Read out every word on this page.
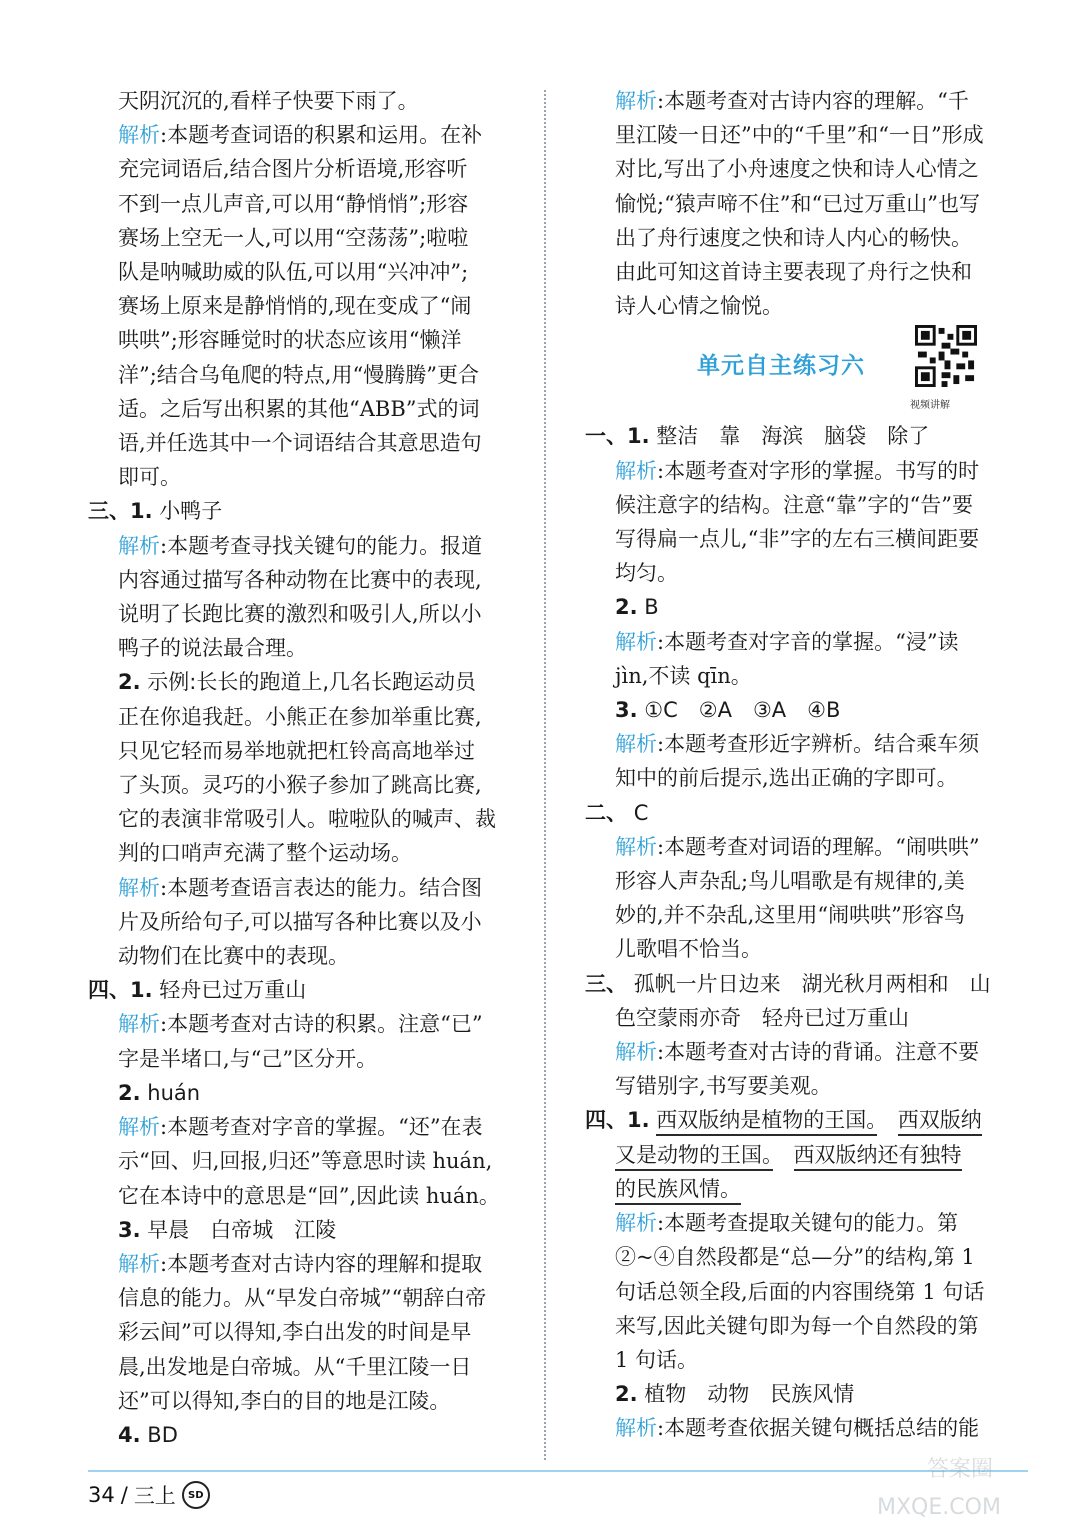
天阴沉沉的,看样子快要下雨了。

解析:本题考查词语的积累和运用。在补

充完词语后,结合图片分析语境,形容听

不到一点儿声音,可以用“静悄悄”;形容

赛场上空无一人,可以用“空荡荡”;啦啦

队是呐喊助威的队伍,可以用“兴冲冲”;

赛场上原来是静悄悄的,现在变成了“闹

哄哄”;形容睡觉时的状态应该用“懒洋

洋”;结合乌龟爬的特点,用“慢腾腾”更合

适。之后写出积累的其他“ABB”式的词

语,并任选其中一个词语结合其意思造句

即可。

三、1. 小鸭子

解析:本题考查寻找关键句的能力。报道

内容通过描写各种动物在比赛中的表现,

说明了长跑比赛的激烈和吸引人,所以小

鸭子的说法最合理。

2. 示例:长长的跑道上,几名长跑运动员

正在你追我赶。小熊正在参加举重比赛,

只见它轻而易举地就把杠铃高高地举过

了头顶。灵巧的小猴子参加了跳高比赛,

它的表演非常吸引人。啦啦队的喊声、裁

判的口哨声充满了整个运动场。

解析:本题考查语言表达的能力。结合图

片及所给句子,可以描写各种比赛以及小

动物们在比赛中的表现。

四、1. 轻舟已过万重山

解析:本题考查对古诗的积累。注意“已”

字是半堵口,与“己”区分开。

2. huán

解析:本题考查对字音的掌握。“还”在表

示“回、归,回报,归还”等意思时读 huán,

它在本诗中的意思是“回”,因此读 huán。

3. 早晨　白帝城　江陵

解析:本题考查对古诗内容的理解和提取

信息的能力。从“早发白帝城”“朝辞白帝

彩云间”可以得知,李白出发的时间是早

晨,出发地是白帝城。从“千里江陵一日

还”可以得知,李白的目的地是江陵。

4. BD

解析:本题考查对古诗内容的理解。“千

里江陵一日还”中的“千里”和“一日”形成

对比,写出了小舟速度之快和诗人心情之

愉悦;“猿声啼不住”和“已过万重山”也写

出了舟行速度之快和诗人内心的畅快。

由此可知这首诗主要表现了舟行之快和

诗人心情之愉悦。

单元自主练习六
视频讲解

一、1. 整洁　靠　海滨　脑袋　除了

解析:本题考查对字形的掌握。书写的时

候注意字的结构。注意“靠”字的“告”要

写得扁一点儿,“非”字的左右三横间距要

均匀。

2. B

解析:本题考查对字音的掌握。“浸”读

jìn,不读 qīn。

3. ①C　②A　③A　④B

解析:本题考查形近字辨析。结合乘车须

知中的前后提示,选出正确的字即可。

二、 C

解析:本题考查对词语的理解。“闹哄哄”

形容人声杂乱;鸟儿唱歌是有规律的,美

妙的,并不杂乱,这里用“闹哄哄”形容鸟

儿歌唱不恰当。

三、 孤帆一片日边来　湖光秋月两相和　山

色空蒙雨亦奇　轻舟已过万重山

解析:本题考查对古诗的背诵。注意不要

写错别字,书写要美观。

四、1. 西双版纳是植物的王国。　 西双版纳

又是动物的王国。　 西双版纳还有独特

的民族风情。

解析:本题考查提取关键句的能力。第

②~④自然段都是“总—分”的结构,第 1

句话总领全段,后面的内容围绕第 1 句话

来写,因此关键句即为每一个自然段的第

1 句话。

2. 植物　动物　民族风情

解析:本题考查依据关键句概括总结的能

34 / 三上	SD
答案圈
MXQE.COM
